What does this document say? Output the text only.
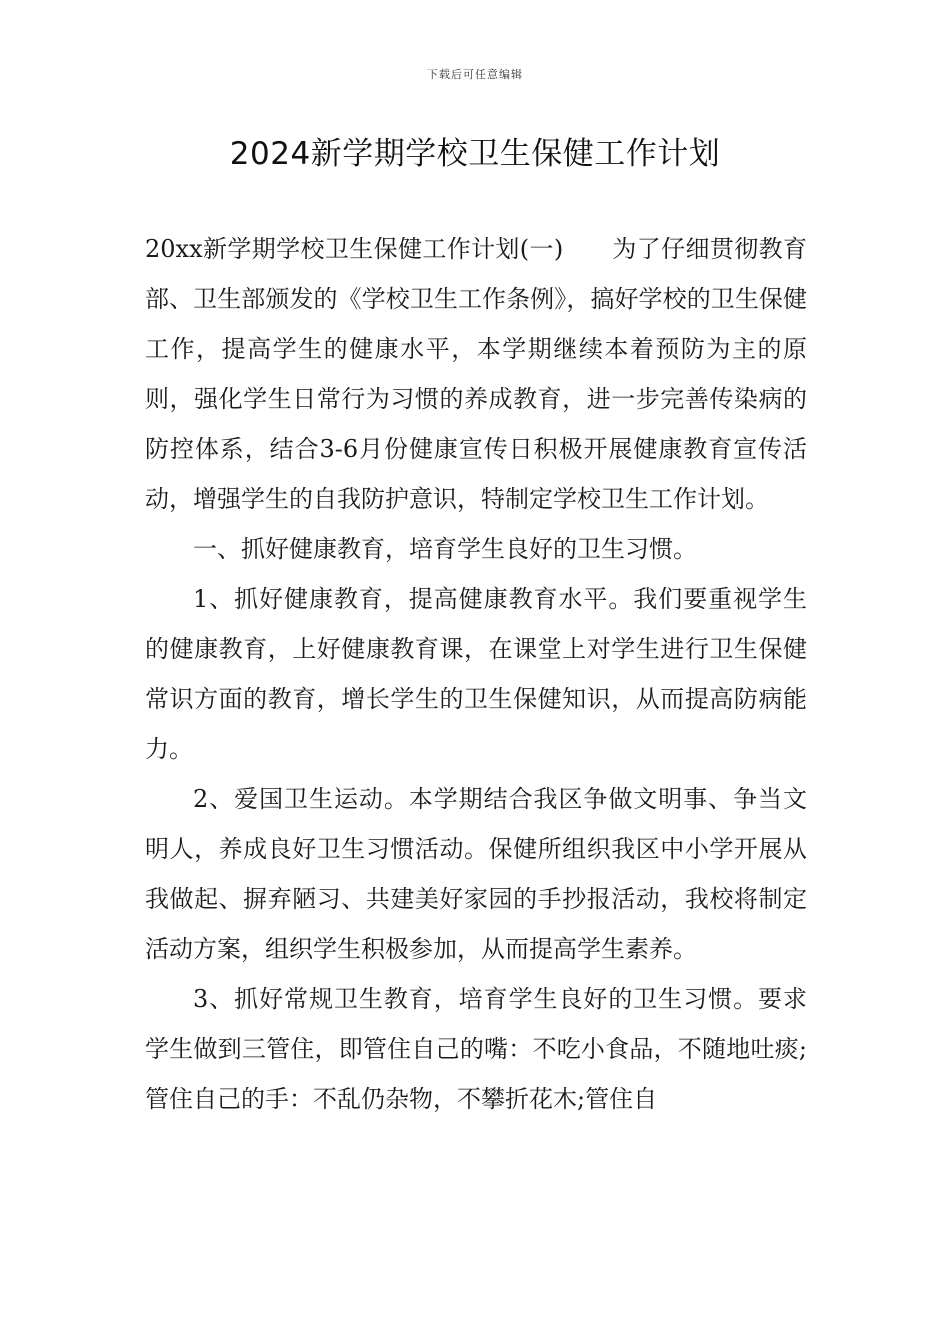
下载后可任意编辑
2024新学期学校卫生保健工作计划

20xx新学期学校卫生保健工作计划(一)　　为了仔细贯彻教育部、卫生部颁发的《学校卫生工作条例》，搞好学校的卫生保健工作，提高学生的健康水平，本学期继续本着预防为主的原则，强化学生日常行为习惯的养成教育，进一步完善传染病的防控体系，结合3-6月份健康宣传日积极开展健康教育宣传活动，增强学生的自我防护意识，特制定学校卫生工作计划。

一、抓好健康教育，培育学生良好的卫生习惯。

1、抓好健康教育，提高健康教育水平。我们要重视学生的健康教育，上好健康教育课，在课堂上对学生进行卫生保健常识方面的教育，增长学生的卫生保健知识，从而提高防病能力。

2、爱国卫生运动。本学期结合我区争做文明事、争当文明人，养成良好卫生习惯活动。保健所组织我区中小学开展从我做起、摒弃陋习、共建美好家园的手抄报活动，我校将制定活动方案，组织学生积极参加，从而提高学生素养。

3、抓好常规卫生教育，培育学生良好的卫生习惯。要求学生做到三管住，即管住自己的嘴：不吃小食品，不随地吐痰;管住自己的手：不乱仍杂物，不攀折花木;管住自
